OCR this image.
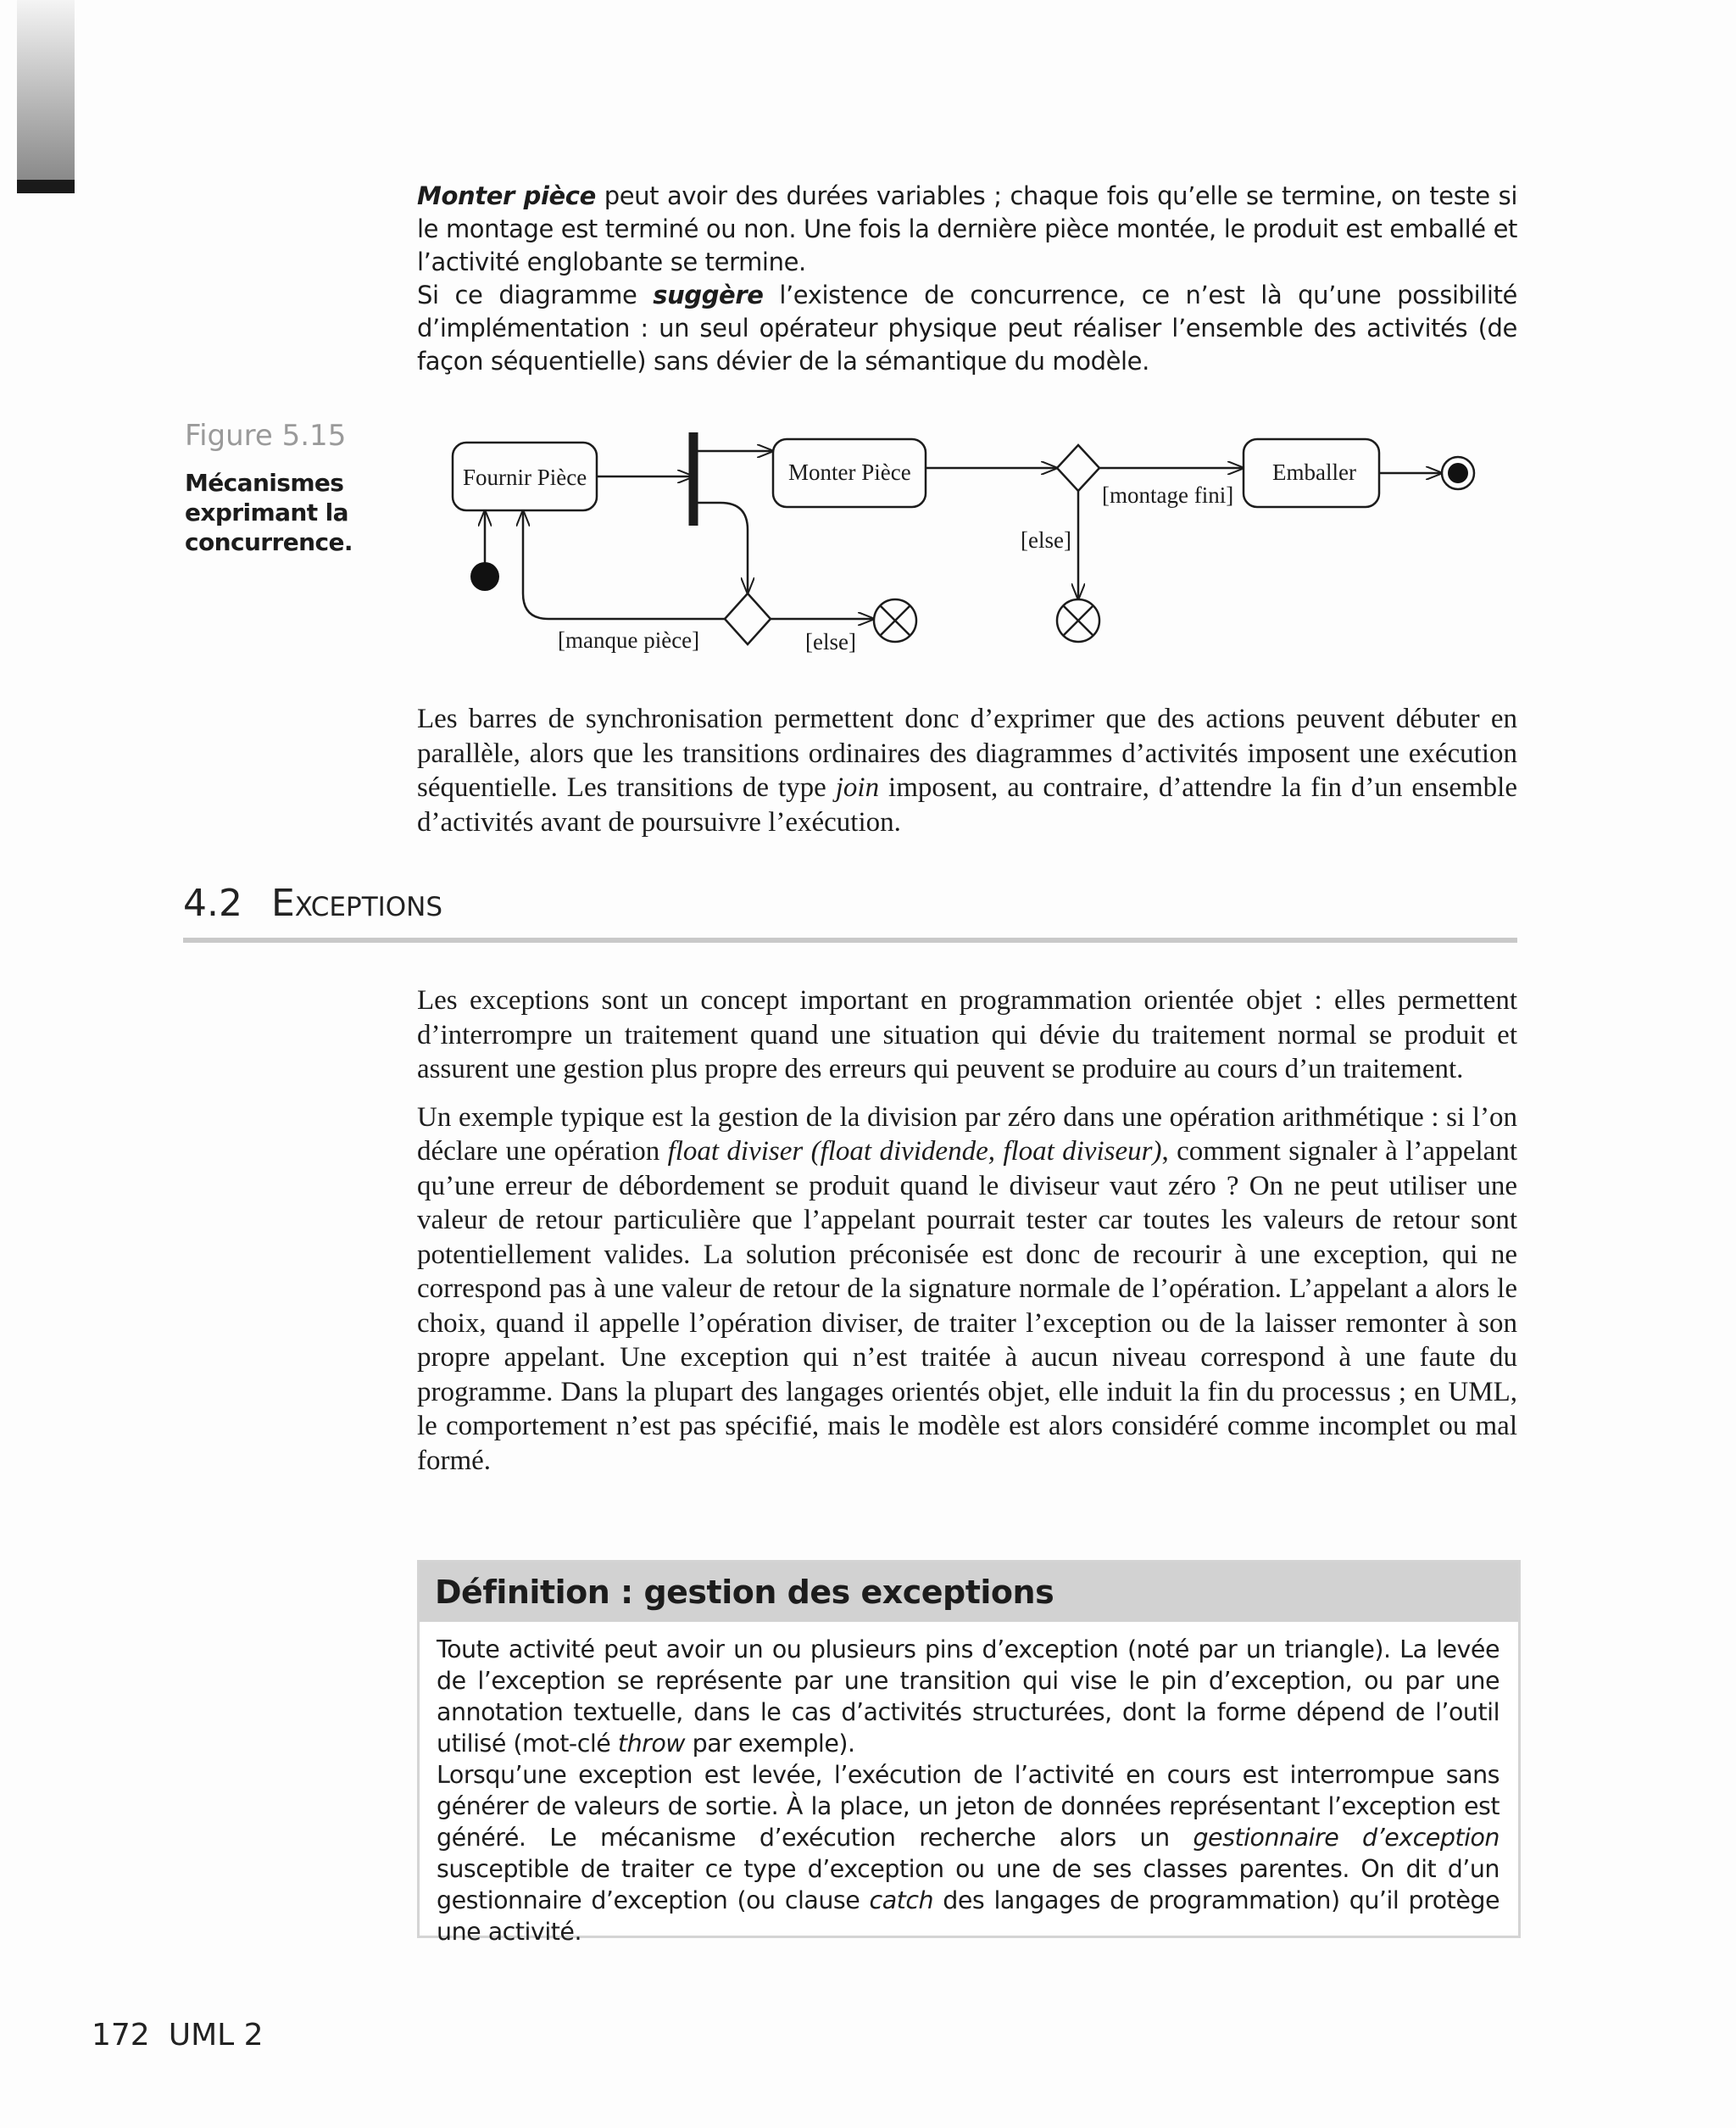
Monter pièce peut avoir des durées variables ; chaque fois qu’elle se termine, on teste si le montage est terminé ou non. Une fois la dernière pièce montée, le produit est emballé et l’activité englobante se termine.

Si ce diagramme suggère l’existence de concurrence, ce n’est là qu’une possibilité d’implémentation : un seul opérateur physique peut réaliser l’ensemble des activités (de façon séquentielle) sans dévier de la sémantique du modèle.

Figure 5.15
Mécanismes exprimant la concurrence.
Fournir Pièce	Monter Pièce	Emballer
[montage fini]
[else]
[manque pièce]	[else]

Les barres de synchronisation permettent donc d’exprimer que des actions peuvent débuter en parallèle, alors que les transitions ordinaires des diagrammes d’activités imposent une exécution séquentielle. Les transitions de type join imposent, au contraire, d’attendre la fin d’un ensemble d’activités avant de poursuivre l’exécution.

4.2 Exceptions

Les exceptions sont un concept important en programmation orientée objet : elles permettent d’interrompre un traitement quand une situation qui dévie du traitement normal se produit et assurent une gestion plus propre des erreurs qui peuvent se produire au cours d’un traitement.

Un exemple typique est la gestion de la division par zéro dans une opération arithmétique : si l’on déclare une opération float diviser (float dividende, float diviseur), comment signaler à l’appelant qu’une erreur de débordement se produit quand le diviseur vaut zéro ? On ne peut utiliser une valeur de retour particulière que l’appelant pourrait tester car toutes les valeurs de retour sont potentiellement valides. La solution préconisée est donc de recourir à une exception, qui ne correspond pas à une valeur de retour de la signature normale de l’opération. L’appelant a alors le choix, quand il appelle l’opération diviser, de traiter l’exception ou de la laisser remonter à son propre appelant. Une exception qui n’est traitée à aucun niveau correspond à une faute du programme. Dans la plupart des langages orientés objet, elle induit la fin du processus ; en UML, le comportement n’est pas spécifié, mais le modèle est alors considéré comme incomplet ou mal formé.

Définition : gestion des exceptions

Toute activité peut avoir un ou plusieurs pins d’exception (noté par un triangle). La levée de l’exception se représente par une transition qui vise le pin d’exception, ou par une annotation textuelle, dans le cas d’activités structurées, dont la forme dépend de l’outil utilisé (mot-clé throw par exemple).

Lorsqu’une exception est levée, l’exécution de l’activité en cours est interrompue sans générer de valeurs de sortie. À la place, un jeton de données représentant l’exception est généré. Le mécanisme d’exécution recherche alors un gestionnaire d’exception susceptible de traiter ce type d’exception ou une de ses classes parentes. On dit d’un gestionnaire d’exception (ou clause catch des langages de programmation) qu’il protège une activité.

172 UML 2
